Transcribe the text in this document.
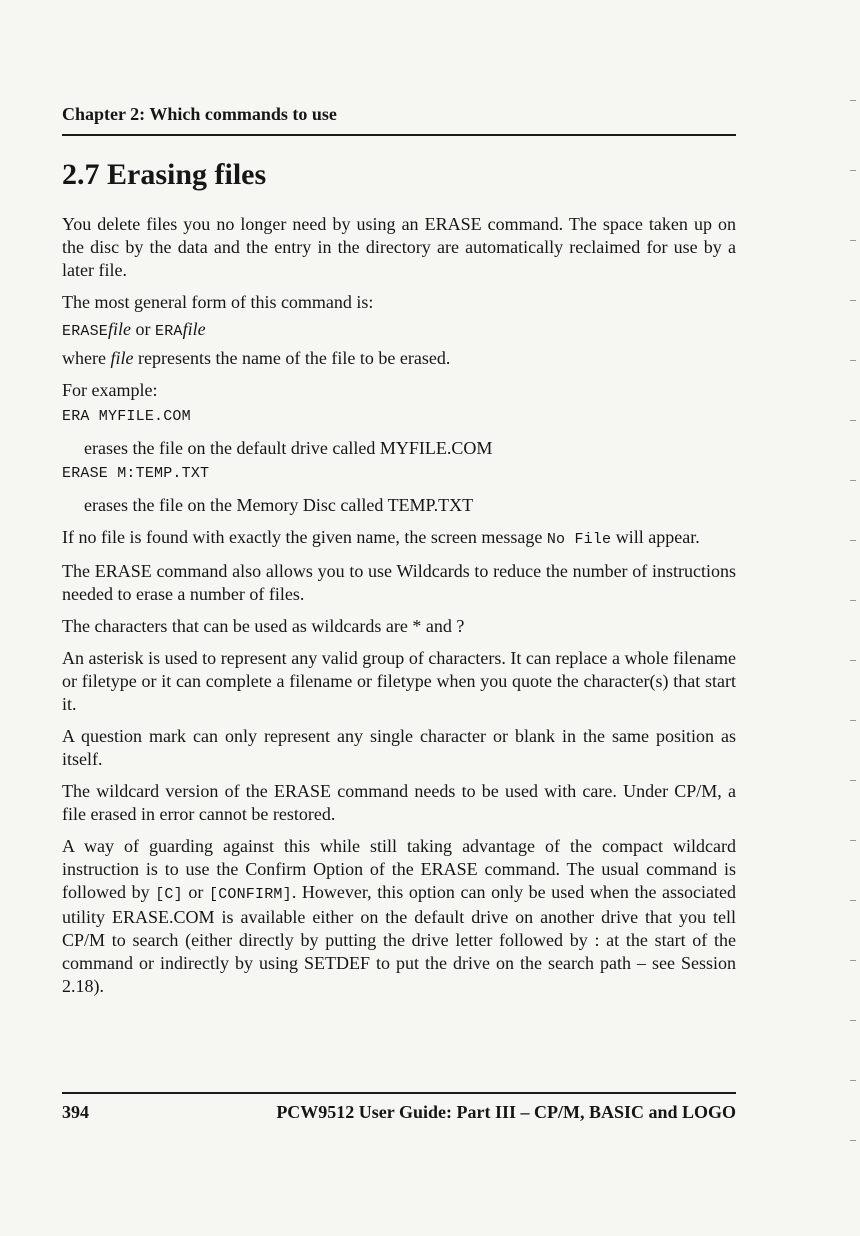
Chapter 2: Which commands to use
2.7 Erasing files

You delete files you no longer need by using an ERASE command. The space taken up on the disc by the data and the entry in the directory are automatically reclaimed for use by a later file.

The most general form of this command is:

ERASEfile or ERAfile

where file represents the name of the file to be erased.

For example:

ERA MYFILE.COM

erases the file on the default drive called MYFILE.COM

ERASE M:TEMP.TXT

erases the file on the Memory Disc called TEMP.TXT

If no file is found with exactly the given name, the screen message No File will appear.

The ERASE command also allows you to use Wildcards to reduce the number of instructions needed to erase a number of files.

The characters that can be used as wildcards are * and ?

An asterisk is used to represent any valid group of characters. It can replace a whole filename or filetype or it can complete a filename or filetype when you quote the character(s) that start it.

A question mark can only represent any single character or blank in the same position as itself.

The wildcard version of the ERASE command needs to be used with care. Under CP/M, a file erased in error cannot be restored.

A way of guarding against this while still taking advantage of the compact wildcard instruction is to use the Confirm Option of the ERASE command. The usual command is followed by [C] or [CONFIRM]. However, this option can only be used when the associated utility ERASE.COM is available either on the default drive on another drive that you tell CP/M to search (either directly by putting the drive letter followed by : at the start of the command or indirectly by using SETDEF to put the drive on the search path – see Session 2.18).

394	PCW9512 User Guide: Part III – CP/M, BASIC and LOGO
